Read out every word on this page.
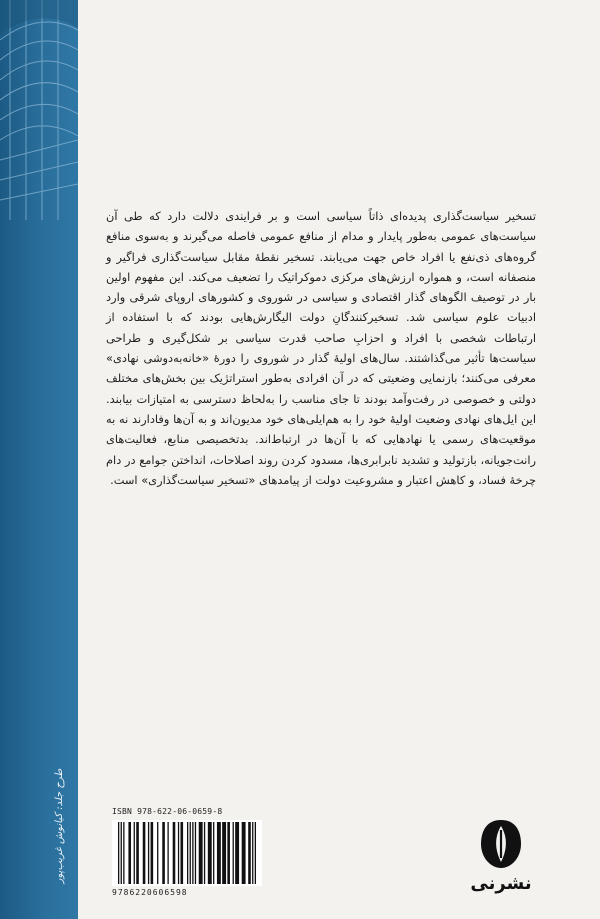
طرح جلد: کیانوش غریب‌پور
تسخیر سیاست‌گذاری پدیده‌ای ذاتاً سیاسی است و بر فرایندی دلالت دارد که طی آن سیاست‌های عمومی به‌طور پایدار و مدام از منافع عمومی فاصله می‌گیرند و به‌سوی منافع گروه‌های ذی‌نفع یا افراد خاص جهت می‌یابند. تسخیر نقطهٔ مقابل سیاست‌گذاری فراگیر و منصفانه است، و همواره ارزش‌های مرکزی دموکراتیک را تضعیف می‌کند. این مفهوم اولین بار در توصیف الگوهای گذار اقتصادی و سیاسی در شوروی و کشورهای اروپای شرقی وارد ادبیات علوم سیاسی شد. تسخیرکنندگانِ دولت الیگارش‌هایی بودند که با استفاده از ارتباطات شخصی با افراد و احزابِ صاحب قدرت سیاسی بر شکل‌گیری و طراحی سیاست‌ها تأثیر می‌گذاشتند. سال‌های اولیهٔ گذار در شوروی را دورهٔ «خانه‌به‌دوشی نهادی» معرفی می‌کنند؛ بازنمایی وضعیتی که در آن افرادی به‌طور استراتژیک بین بخش‌های مختلف دولتی و خصوصی در رفت‌وآمد بودند تا جای مناسب را به‌لحاظ دسترسی به امتیازات بیابند. این ایل‌های نهادی وضعیت اولیهٔ خود را به هم‌ایلی‌های خود مدیون‌اند و به آن‌ها وفادارند نه به موقعیت‌های رسمی یا نهادهایی که با آن‌ها در ارتباط‌اند. بدتخصیصی منابع، فعالیت‌های رانت‌جویانه، بازتولید و تشدید نابرابری‌ها، مسدود کردن روند اصلاحات، انداختن جوامع در دام چرخهٔ فساد، و کاهش اعتبار و مشروعیت دولت از پیامدهای «تسخیر سیاست‌گذاری» است.
ISBN 978-622-06-0659-8
9786220606598	نشرنی
